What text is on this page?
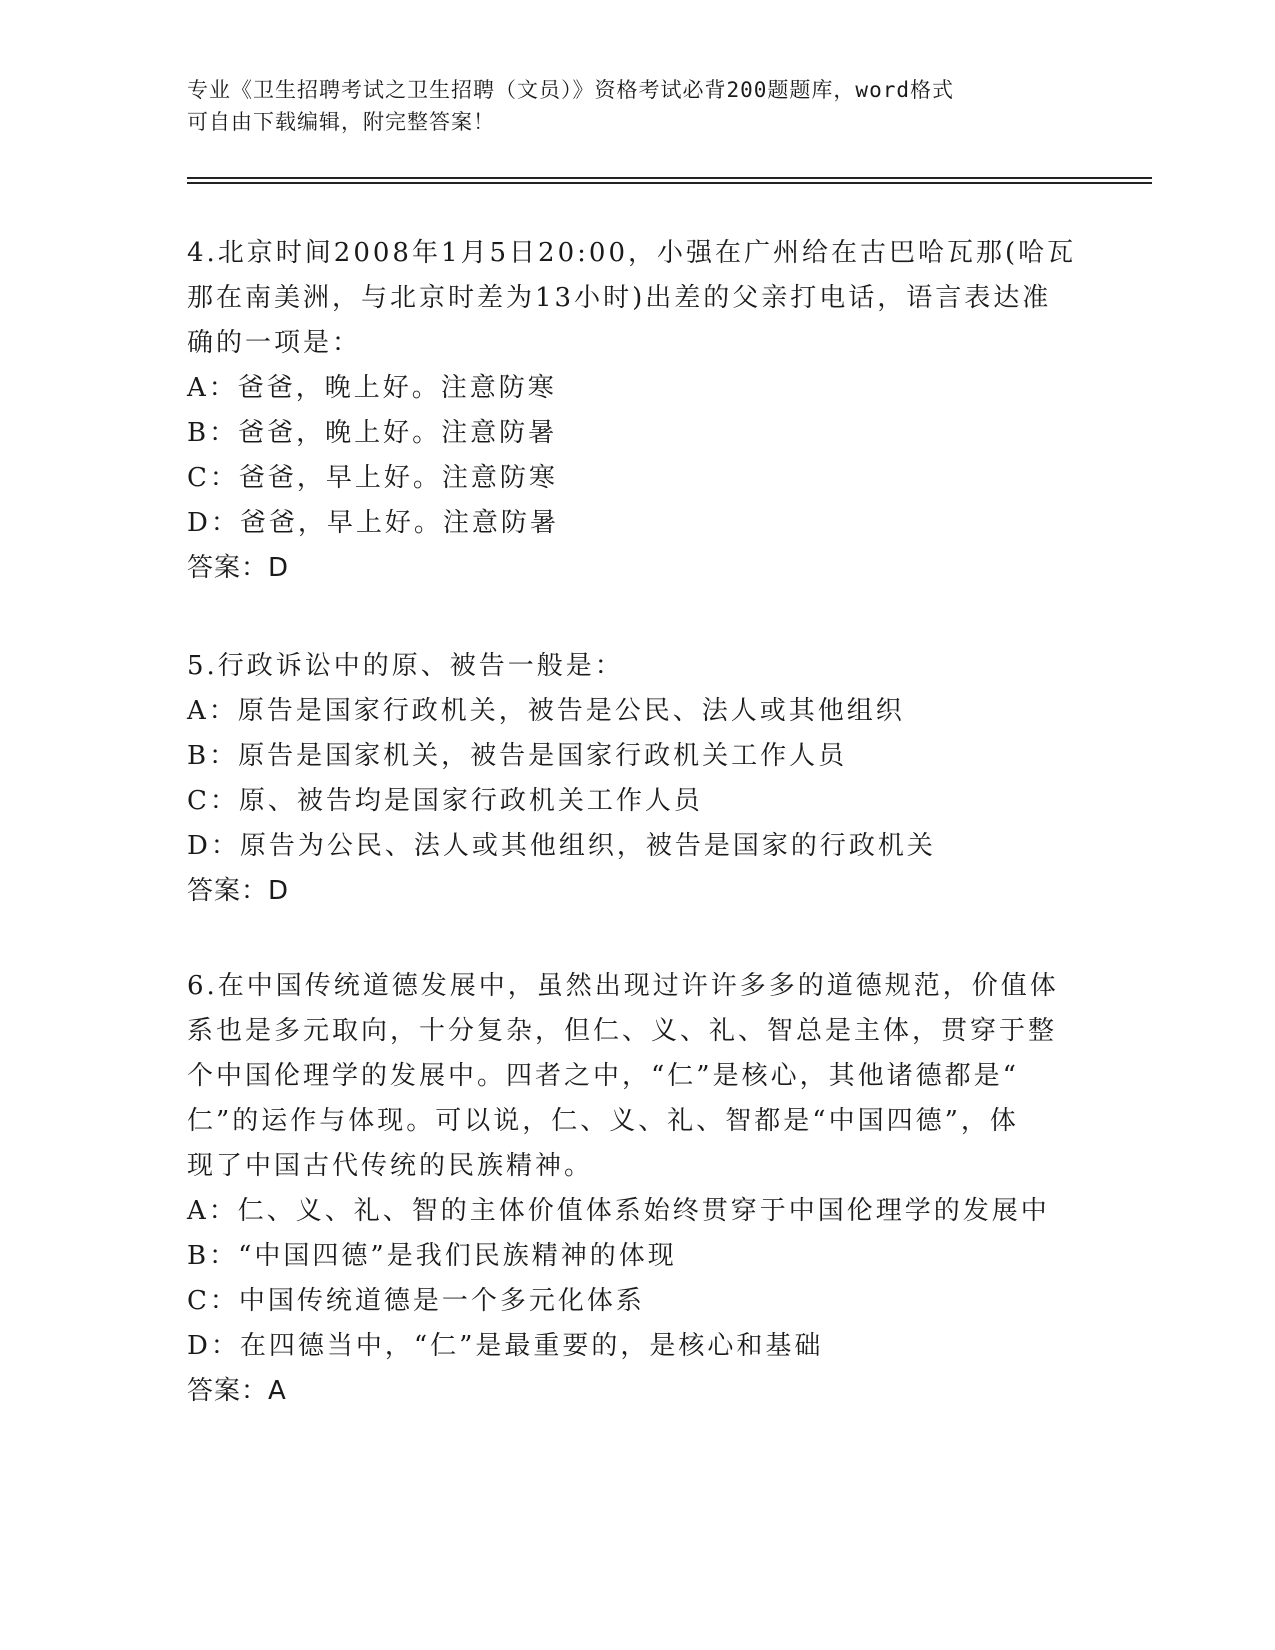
专业《卫生招聘考试之卫生招聘（文员）》资格考试必背200题题库，word格式
可自由下载编辑，附完整答案！
4.北京时间2008年1月5日20:00，小强在广州给在古巴哈瓦那(哈瓦
那在南美洲，与北京时差为13小时)出差的父亲打电话，语言表达准
确的一项是：
A：爸爸，晚上好。注意防寒
B：爸爸，晚上好。注意防暑
C：爸爸，早上好。注意防寒
D：爸爸，早上好。注意防暑
答案：D
5.行政诉讼中的原、被告一般是：
A：原告是国家行政机关，被告是公民、法人或其他组织
B：原告是国家机关，被告是国家行政机关工作人员
C：原、被告均是国家行政机关工作人员
D：原告为公民、法人或其他组织，被告是国家的行政机关
答案：D
6.在中国传统道德发展中，虽然出现过许许多多的道德规范，价值体
系也是多元取向，十分复杂，但仁、义、礼、智总是主体，贯穿于整
个中国伦理学的发展中。四者之中，“仁”是核心，其他诸德都是“
仁”的运作与体现。可以说，仁、义、礼、智都是“中国四德”，体
现了中国古代传统的民族精神。
A：仁、义、礼、智的主体价值体系始终贯穿于中国伦理学的发展中
B：“中国四德”是我们民族精神的体现
C：中国传统道德是一个多元化体系
D：在四德当中，“仁”是最重要的，是核心和基础
答案：A
